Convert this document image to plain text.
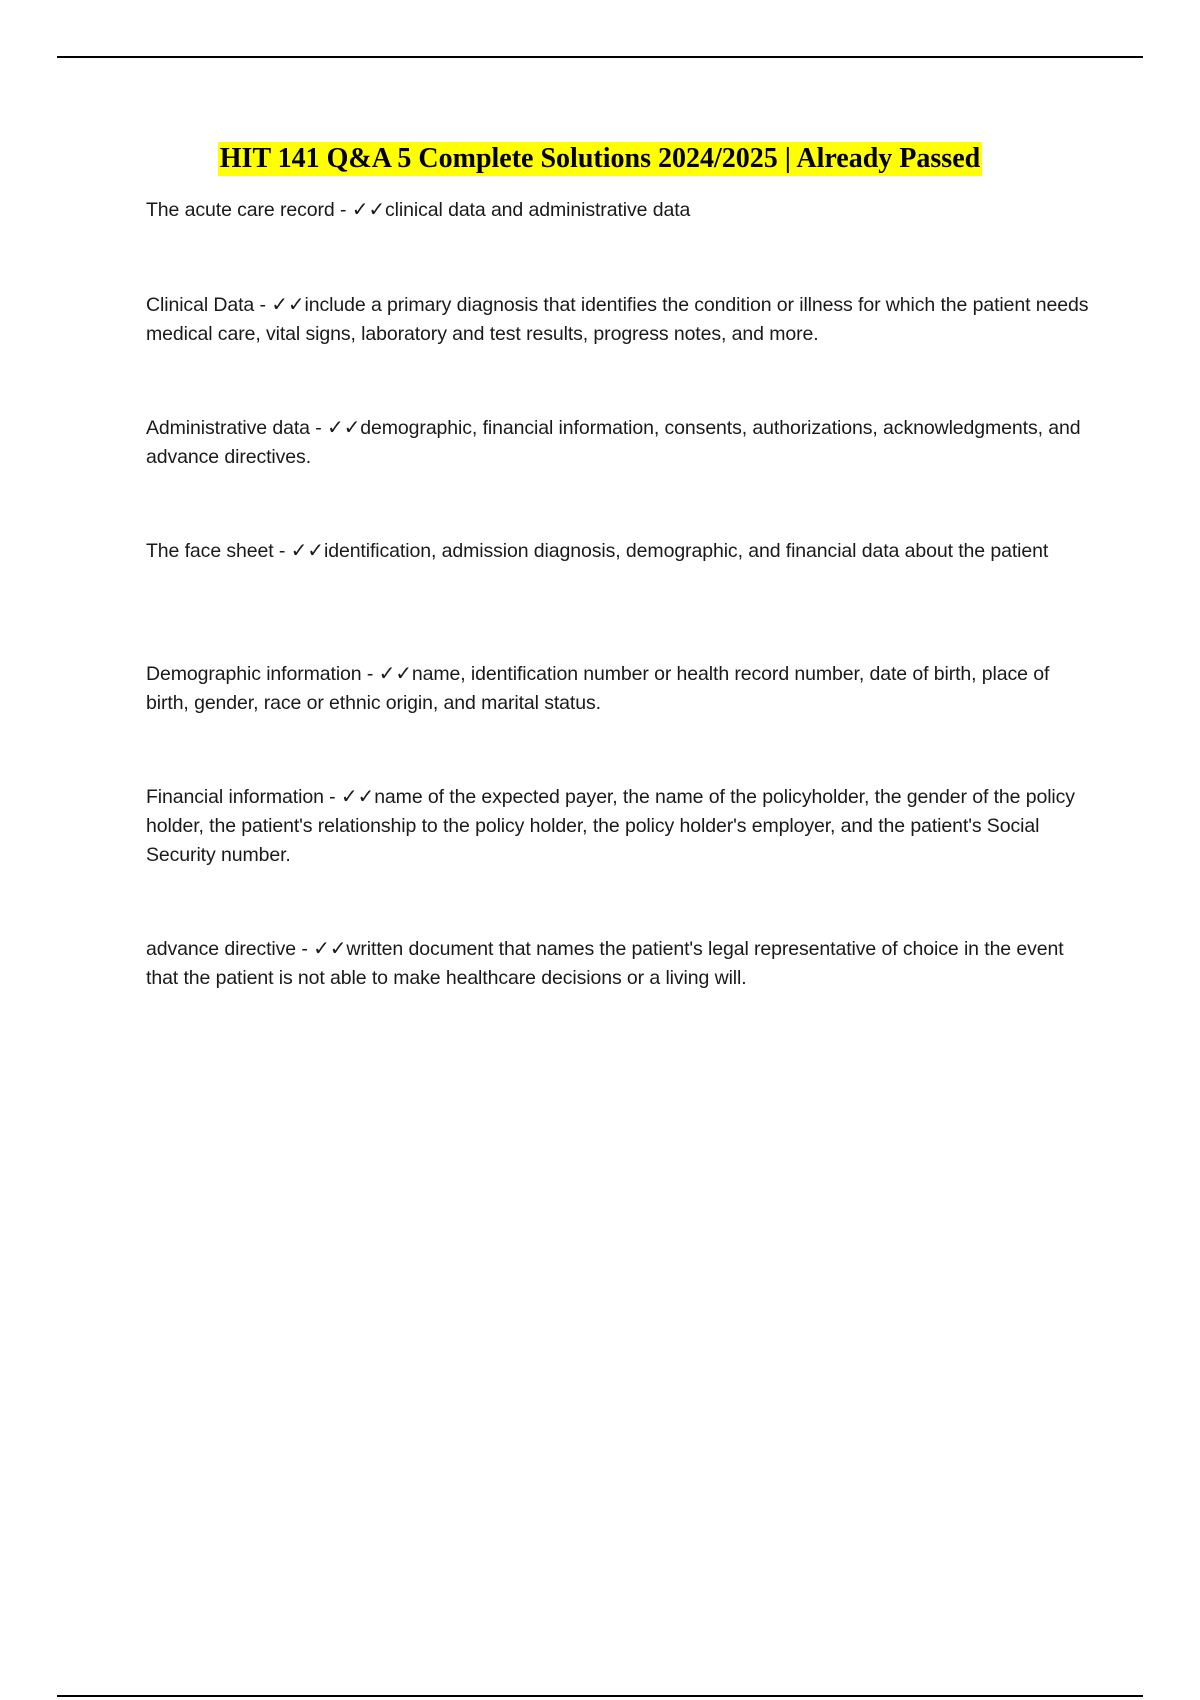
HIT 141 Q&A 5 Complete Solutions 2024/2025 | Already Passed
The acute care record - ✓✓clinical data and administrative data
Clinical Data - ✓✓include a primary diagnosis that identifies the condition or illness for which the patient needs medical care, vital signs, laboratory and test results, progress notes, and more.
Administrative data - ✓✓demographic, financial information, consents, authorizations, acknowledgments, and advance directives.
The face sheet - ✓✓identification, admission diagnosis, demographic, and financial data about the patient
Demographic information - ✓✓name, identification number or health record number, date of birth, place of birth, gender, race or ethnic origin, and marital status.
Financial information - ✓✓name of the expected payer, the name of the policyholder, the gender of the policy holder, the patient's relationship to the policy holder, the policy holder's employer, and the patient's Social Security number.
advance directive - ✓✓written document that names the patient's legal representative of choice in the event that the patient is not able to make healthcare decisions or a living will.
